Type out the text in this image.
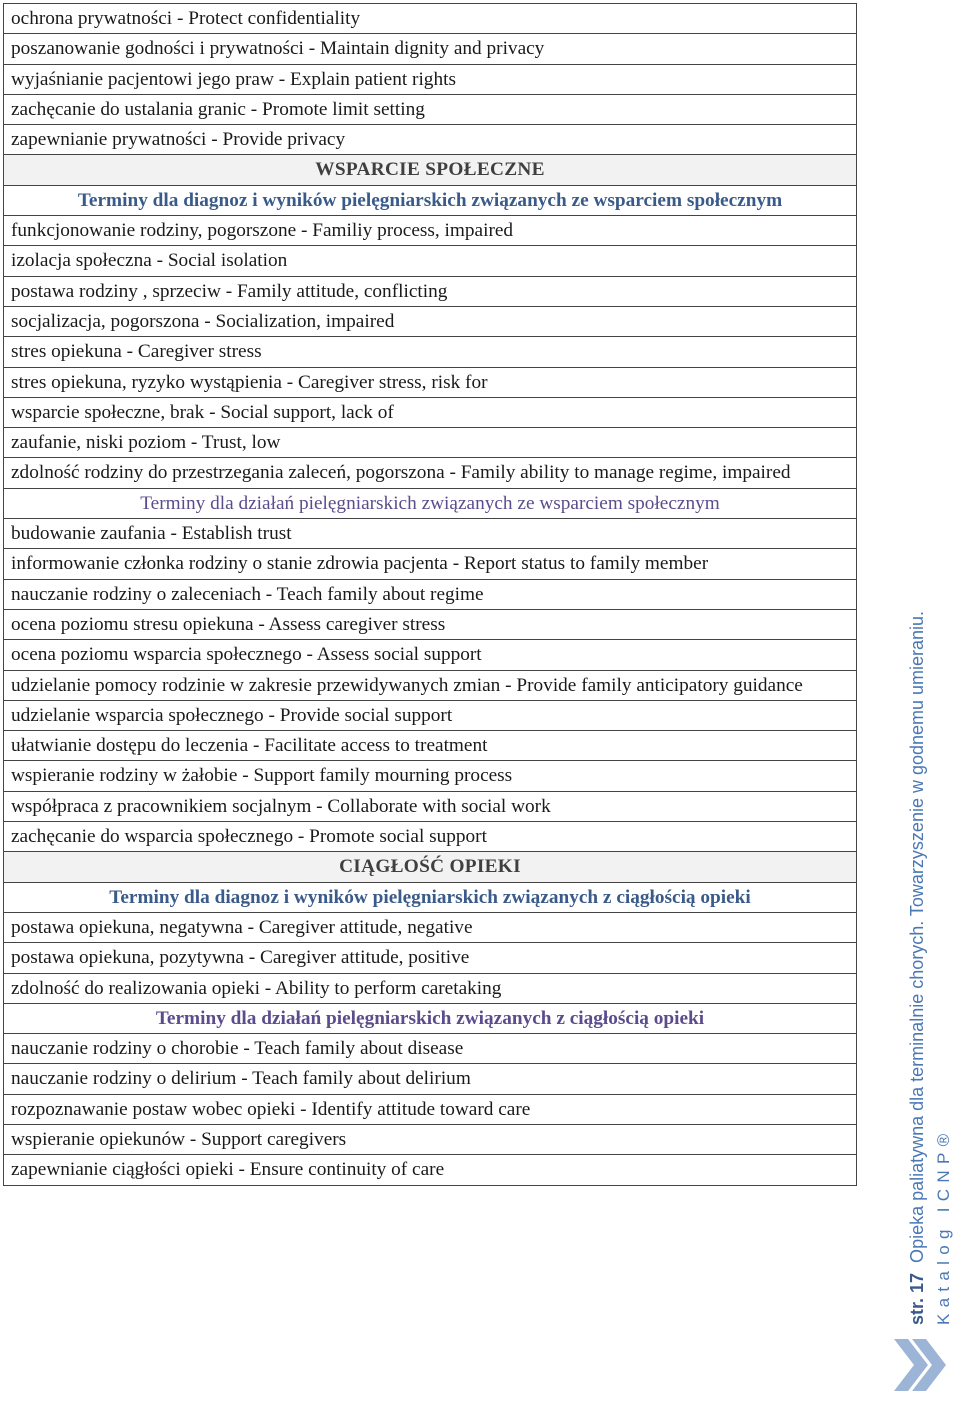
ochrona prywatności - Protect confidentiality
poszanowanie godności i prywatności - Maintain dignity and privacy
wyjaśnianie pacjentowi jego praw - Explain patient rights
zachęcanie do ustalania granic - Promote limit setting
zapewnianie prywatności - Provide privacy
WSPARCIE SPOŁECZNE
Terminy dla diagnoz i wyników pielęgniarskich związanych ze wsparciem społecznym
funkcjonowanie rodziny, pogorszone - Familiy process, impaired
izolacja społeczna - Social isolation
postawa rodziny , sprzeciw - Family attitude, conflicting
socjalizacja, pogorszona - Socialization, impaired
stres opiekuna - Caregiver stress
stres opiekuna, ryzyko wystąpienia - Caregiver stress, risk for
wsparcie społeczne, brak - Social support, lack of
zaufanie, niski poziom - Trust, low
zdolność rodziny do przestrzegania zaleceń, pogorszona - Family ability to manage regime, impaired
Terminy dla działań pielęgniarskich związanych ze wsparciem społecznym
budowanie zaufania - Establish trust
informowanie członka rodziny o stanie zdrowia pacjenta - Report status to family member
nauczanie rodziny o zaleceniach - Teach family about regime
ocena poziomu stresu opiekuna - Assess caregiver stress
ocena poziomu wsparcia społecznego - Assess social support
udzielanie pomocy rodzinie w zakresie przewidywanych zmian - Provide family anticipatory guidance
udzielanie wsparcia społecznego - Provide social support
ułatwianie dostępu do leczenia - Facilitate access to treatment
wspieranie rodziny w żałobie - Support family mourning process
współpraca z pracownikiem socjalnym - Collaborate with social work
zachęcanie do wsparcia społecznego - Promote social support
CIĄGŁOŚĆ OPIEKI
Terminy dla diagnoz i wyników pielęgniarskich związanych z ciągłością opieki
postawa opiekuna, negatywna - Caregiver attitude, negative
postawa opiekuna, pozytywna - Caregiver attitude, positive
zdolność do realizowania opieki - Ability to perform caretaking
Terminy dla działań pielęgniarskich związanych z ciągłością opieki
nauczanie rodziny o chorobie - Teach family about disease
nauczanie rodziny o delirium - Teach family about delirium
rozpoznawanie postaw wobec opieki - Identify attitude toward care
wspieranie opiekunów - Support caregivers
zapewnianie ciągłości opieki - Ensure continuity of care
str. 17  Opieka paliatywna dla terminalnie chorych. Towarzyszenie w godnemu umieraniu. Katalog ICNP®
